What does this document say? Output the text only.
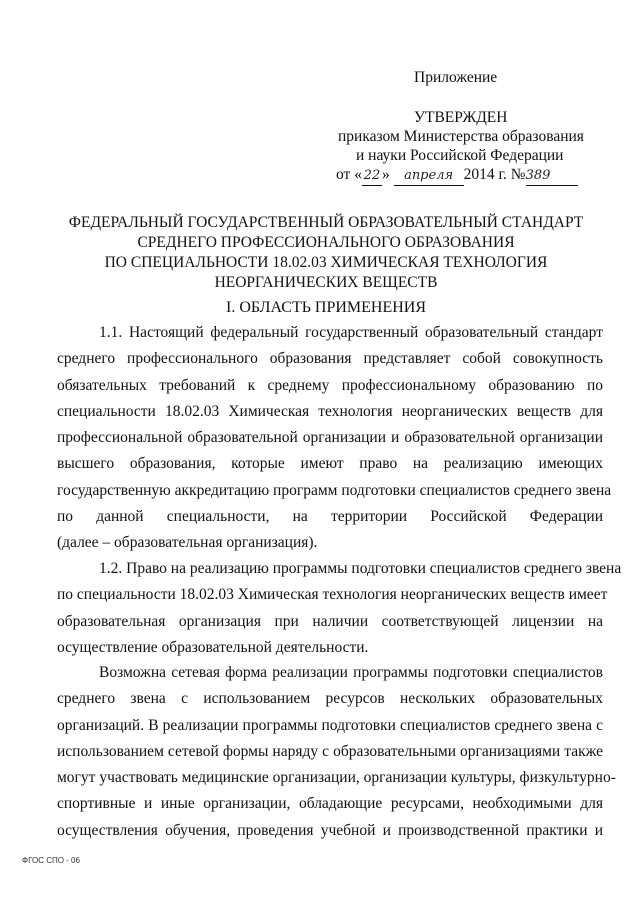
Приложение
УТВЕРЖДЕН
приказом Министерства образования
и науки Российской Федерации
от « 22 » апреля 2014 г. №389
ФЕДЕРАЛЬНЫЙ ГОСУДАРСТВЕННЫЙ ОБРАЗОВАТЕЛЬНЫЙ СТАНДАРТ
СРЕДНЕГО ПРОФЕССИОНАЛЬНОГО ОБРАЗОВАНИЯ
ПО СПЕЦИАЛЬНОСТИ 18.02.03 ХИМИЧЕСКАЯ ТЕХНОЛОГИЯ
НЕОРГАНИЧЕСКИХ ВЕЩЕСТВ
I. ОБЛАСТЬ ПРИМЕНЕНИЯ
1.1. Настоящий федеральный государственный образовательный стандарт
среднего профессионального образования представляет собой совокупность
обязательных требований к среднему профессиональному образованию по
специальности 18.02.03 Химическая технология неорганических веществ для
профессиональной образовательной организации и образовательной организации
высшего образования, которые имеют право на реализацию имеющих
государственную аккредитацию программ подготовки специалистов среднего звена
по данной специальности, на территории Российской Федерации
(далее – образовательная организация).
1.2. Право на реализацию программы подготовки специалистов среднего звена
по специальности 18.02.03 Химическая технология неорганических веществ имеет
образовательная организация при наличии соответствующей лицензии на
осуществление образовательной деятельности.
Возможна сетевая форма реализации программы подготовки специалистов
среднего звена с использованием ресурсов нескольких образовательных
организаций. В реализации программы подготовки специалистов среднего звена с
использованием сетевой формы наряду с образовательными организациями также
могут участвовать медицинские организации, организации культуры, физкультурно-
спортивные и иные организации, обладающие ресурсами, необходимыми для
осуществления обучения, проведения учебной и производственной практики и
ФГОС СПО - 06
